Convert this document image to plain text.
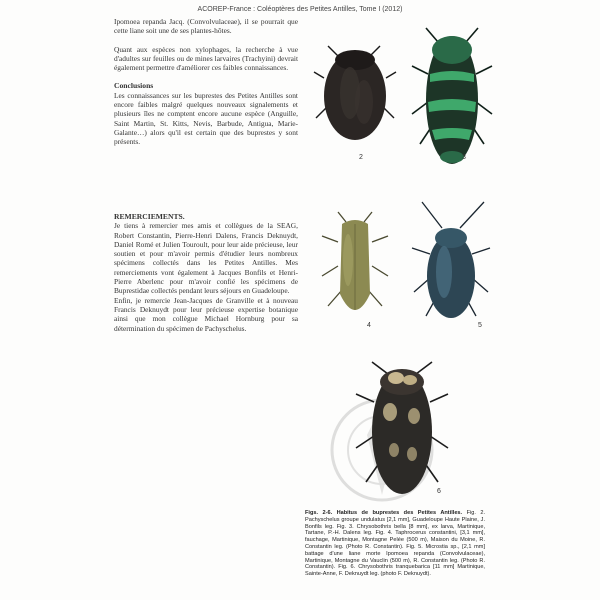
ACOREP-France : Coléoptères des Petites Antilles, Tome I (2012)

Ipomoea repanda Jacq. (Convolvulaceae), il se pourrait que cette liane soit une de ses plantes-hôtes.

Quant aux espèces non xylophages, la recherche à vue d'adultes sur feuilles ou de mines larvaires (Trachyini) devrait également permettre d'améliorer ces faibles connaissances.

Conclusions

Les connaissances sur les buprestes des Petites Antilles sont encore faibles malgré quelques nouveaux signalements et plusieurs îles ne comptent encore aucune espèce (Anguille, Saint Martin, St. Kitts, Nevis, Barbude, Antigua, Marie-Galante…) alors qu'il est certain que des buprestes y sont présents.

REMERCIEMENTS.

Je tiens à remercier mes amis et collègues de la SEAG, Robert Constantin, Pierre-Henri Dalens, Francis Deknuydt, Daniel Romé et Julien Touroult, pour leur aide précieuse, leur soutien et pour m'avoir permis d'étudier leurs nombreux spécimens collectés dans les Petites Antilles. Mes remerciements vont également à Jacques Bonfils et Henri-Pierre Aberlenc pour m'avoir confié les spécimens de Buprestidae collectés pendant leurs séjours en Guadeloupe.

Enfin, je remercie Jean-Jacques de Granville et à nouveau Francis Deknuydt pour leur précieuse expertise botanique ainsi que mon collègue Michael Hornburg pour sa détermination du spécimen de Pachyschelus.

2	3
4	5
6
Figs. 2-6. Habitus de buprestes des Petites Antilles. Fig. 2. Pachyschelus groupe undulatus [2,1 mm], Guadeloupe Haute Plaine, J. Bonfils leg. Fig. 3. Chrysobothris bella [8 mm], ex larva, Martinique, Tartane, P.-H. Dalens leg. Fig. 4. Taphrocerus constantini, [3,1 mm], fauchage, Martinique, Montagne Pelée (500 m), Maison du Moine, R. Constantin leg. (Photo R. Constantin). Fig. 5. Microstia sp., [2,1 mm] battage d'une liane morte Ipomoea repanda (Convolvulaceae), Martinique, Montagne du Vauclin (500 m), R. Constantin leg. (Photo R. Constantin). Fig. 6. Chrysobothris tranquebarica [11 mm] Martinique, Sainte-Anne, F. Deknuydt leg. (photo F. Deknuydt).
